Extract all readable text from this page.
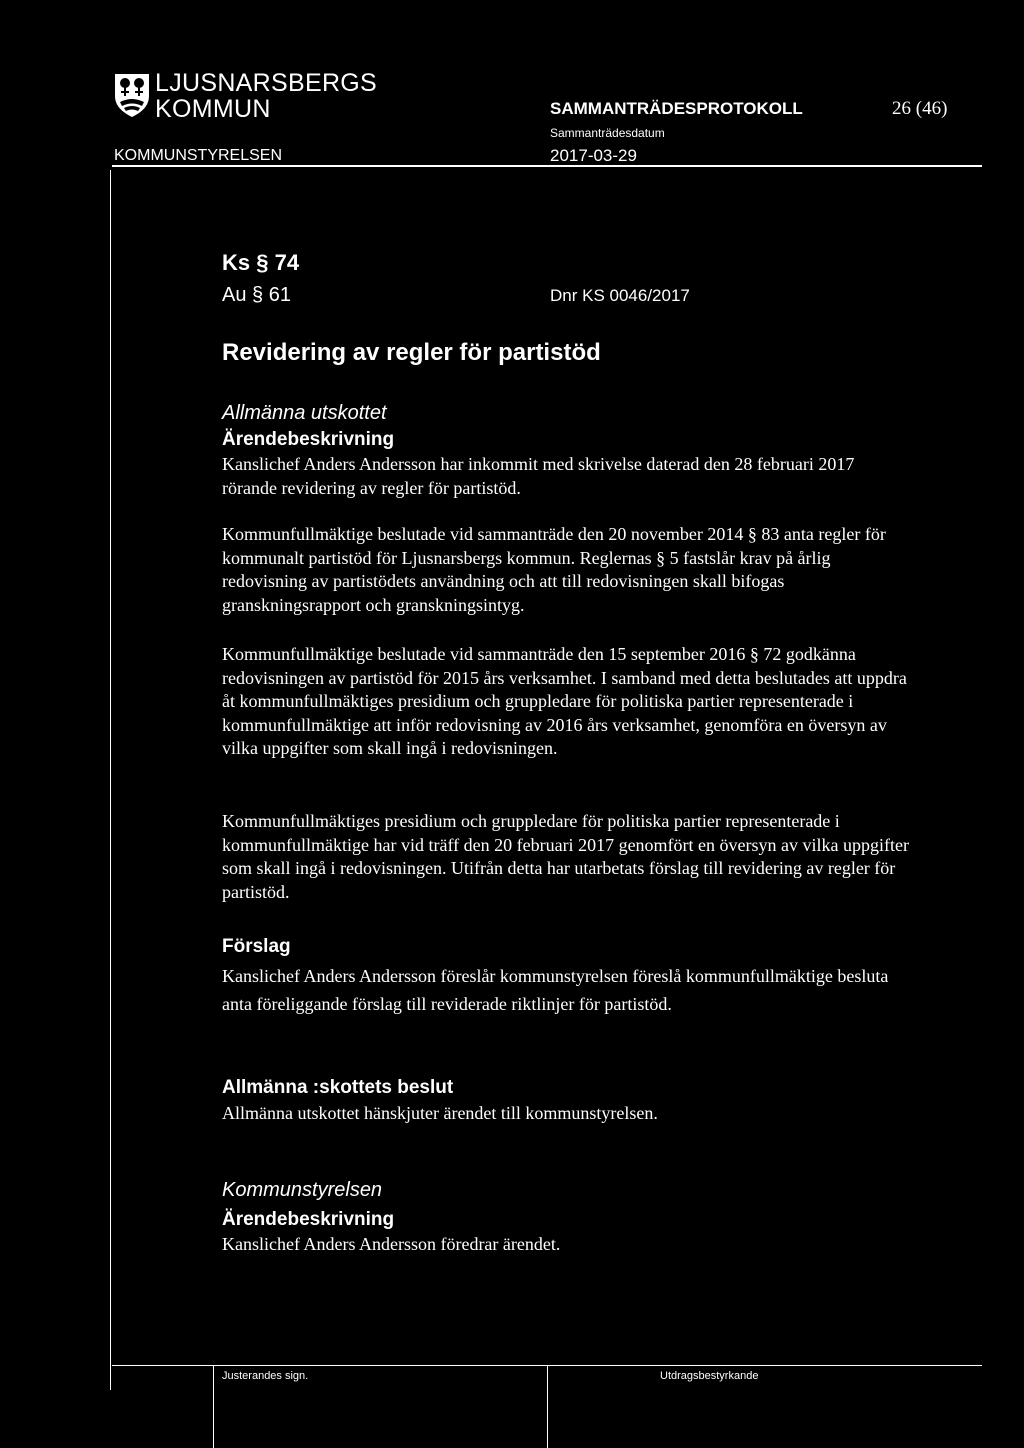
LJUSNARSBERGS
KOMMUN
KOMMUNSTYRELSEN
SAMMANTRÄDESPROTOKOLL
Sammanträdesdatum
2017-03-29
26 (46)
Ks § 74
Au § 61	Dnr KS 0046/2017
Revidering av regler för partistöd
Allmänna utskottet
Ärendebeskrivning
Kanslichef Anders Andersson har inkommit med skrivelse daterad den 28 februari 2017 rörande revidering av regler för partistöd.
Kommunfullmäktige beslutade vid sammanträde den 20 november 2014 § 83 anta regler för kommunalt partistöd för Ljusnarsbergs kommun. Reglernas § 5 fastslår krav på årlig redovisning av partistödets användning och att till redovisningen skall bifogas granskningsrapport och granskningsintyg.
Kommunfullmäktige beslutade vid sammanträde den 15 september 2016 § 72 godkänna redovisningen av partistöd för 2015 års verksamhet. I samband med detta beslutades att uppdra åt kommunfullmäktiges presidium och gruppledare för politiska partier representerade i kommunfullmäktige att inför redovisning av 2016 års verksamhet, genomföra en översyn av vilka uppgifter som skall ingå i redovisningen.
Kommunfullmäktiges presidium och gruppledare för politiska partier representerade i kommunfullmäktige har vid träff den 20 februari 2017 genomfört en översyn av vilka uppgifter som skall ingå i redovisningen. Utifrån detta har utarbetats förslag till revidering av regler för partistöd.
Förslag
Kanslichef Anders Andersson föreslår kommunstyrelsen föreslå kommunfullmäktige besluta anta föreliggande förslag till reviderade riktlinjer för partistöd.
Allmänna :skottets beslut
Allmänna utskottet hänskjuter ärendet till kommunstyrelsen.
Kommunstyrelsen
Ärendebeskrivning
Kanslichef Anders Andersson föredrar ärendet.
Justerandes sign.	Utdragsbestyrkande
